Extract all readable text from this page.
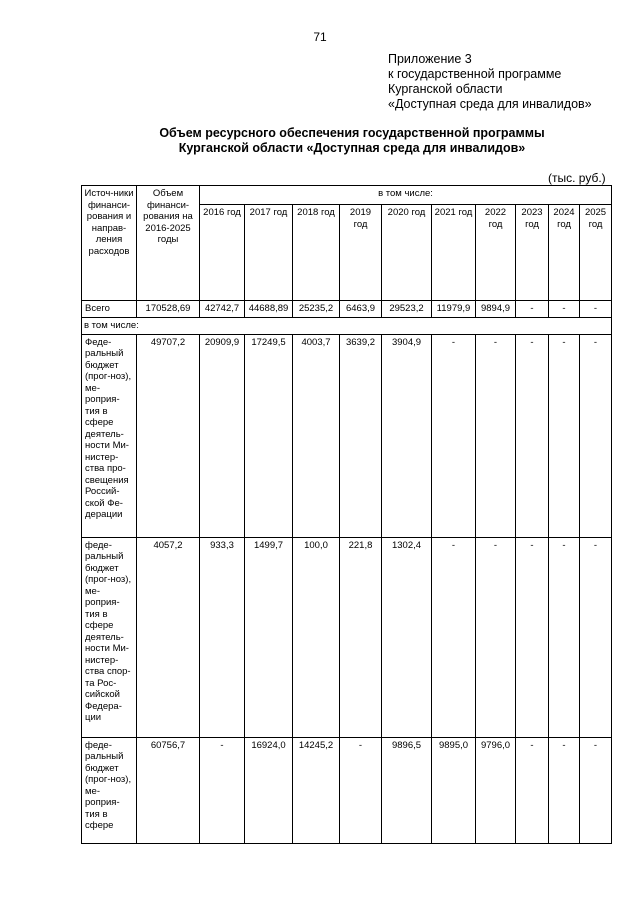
71
Приложение 3
к государственной программе
Курганской области
«Доступная среда для инвалидов»
Объем ресурсного обеспечения государственной программы
Курганской области «Доступная среда для инвалидов»
(тыс. руб.)
Источ-ники финанси-рования и направ-ления расходов	Объем финанси-рования на 2016-2025 годы	в том числе:									
		2016 год	2017 год	2018 год	2019 год	2020 год	2021 год	2022 год	2023 год	2024 год	2025 год
Всего	170528,69	42742,7	44688,89	25235,2	6463,9	29523,2	11979,9	9894,9	-	-	-
в том числе:											
Феде-ральный бюджет (прог-ноз), ме-роприя-тия в сфере деятель-ности Ми-нистер-ства про-свещения Россий-ской Фе-дерации	49707,2	20909,9	17249,5	4003,7	3639,2	3904,9	-	-	-	-	-
феде-ральный бюджет (прог-ноз), ме-роприя-тия в сфере деятель-ности Ми-нистер-ства спор-та Рос-сийской Федера-ции	4057,2	933,3	1499,7	100,0	221,8	1302,4	-	-	-	-	-
феде-ральный бюджет (прог-ноз), ме-роприя-тия в сфере	60756,7	-	16924,0	14245,2	-	9896,5	9895,0	9796,0	-	-	-
